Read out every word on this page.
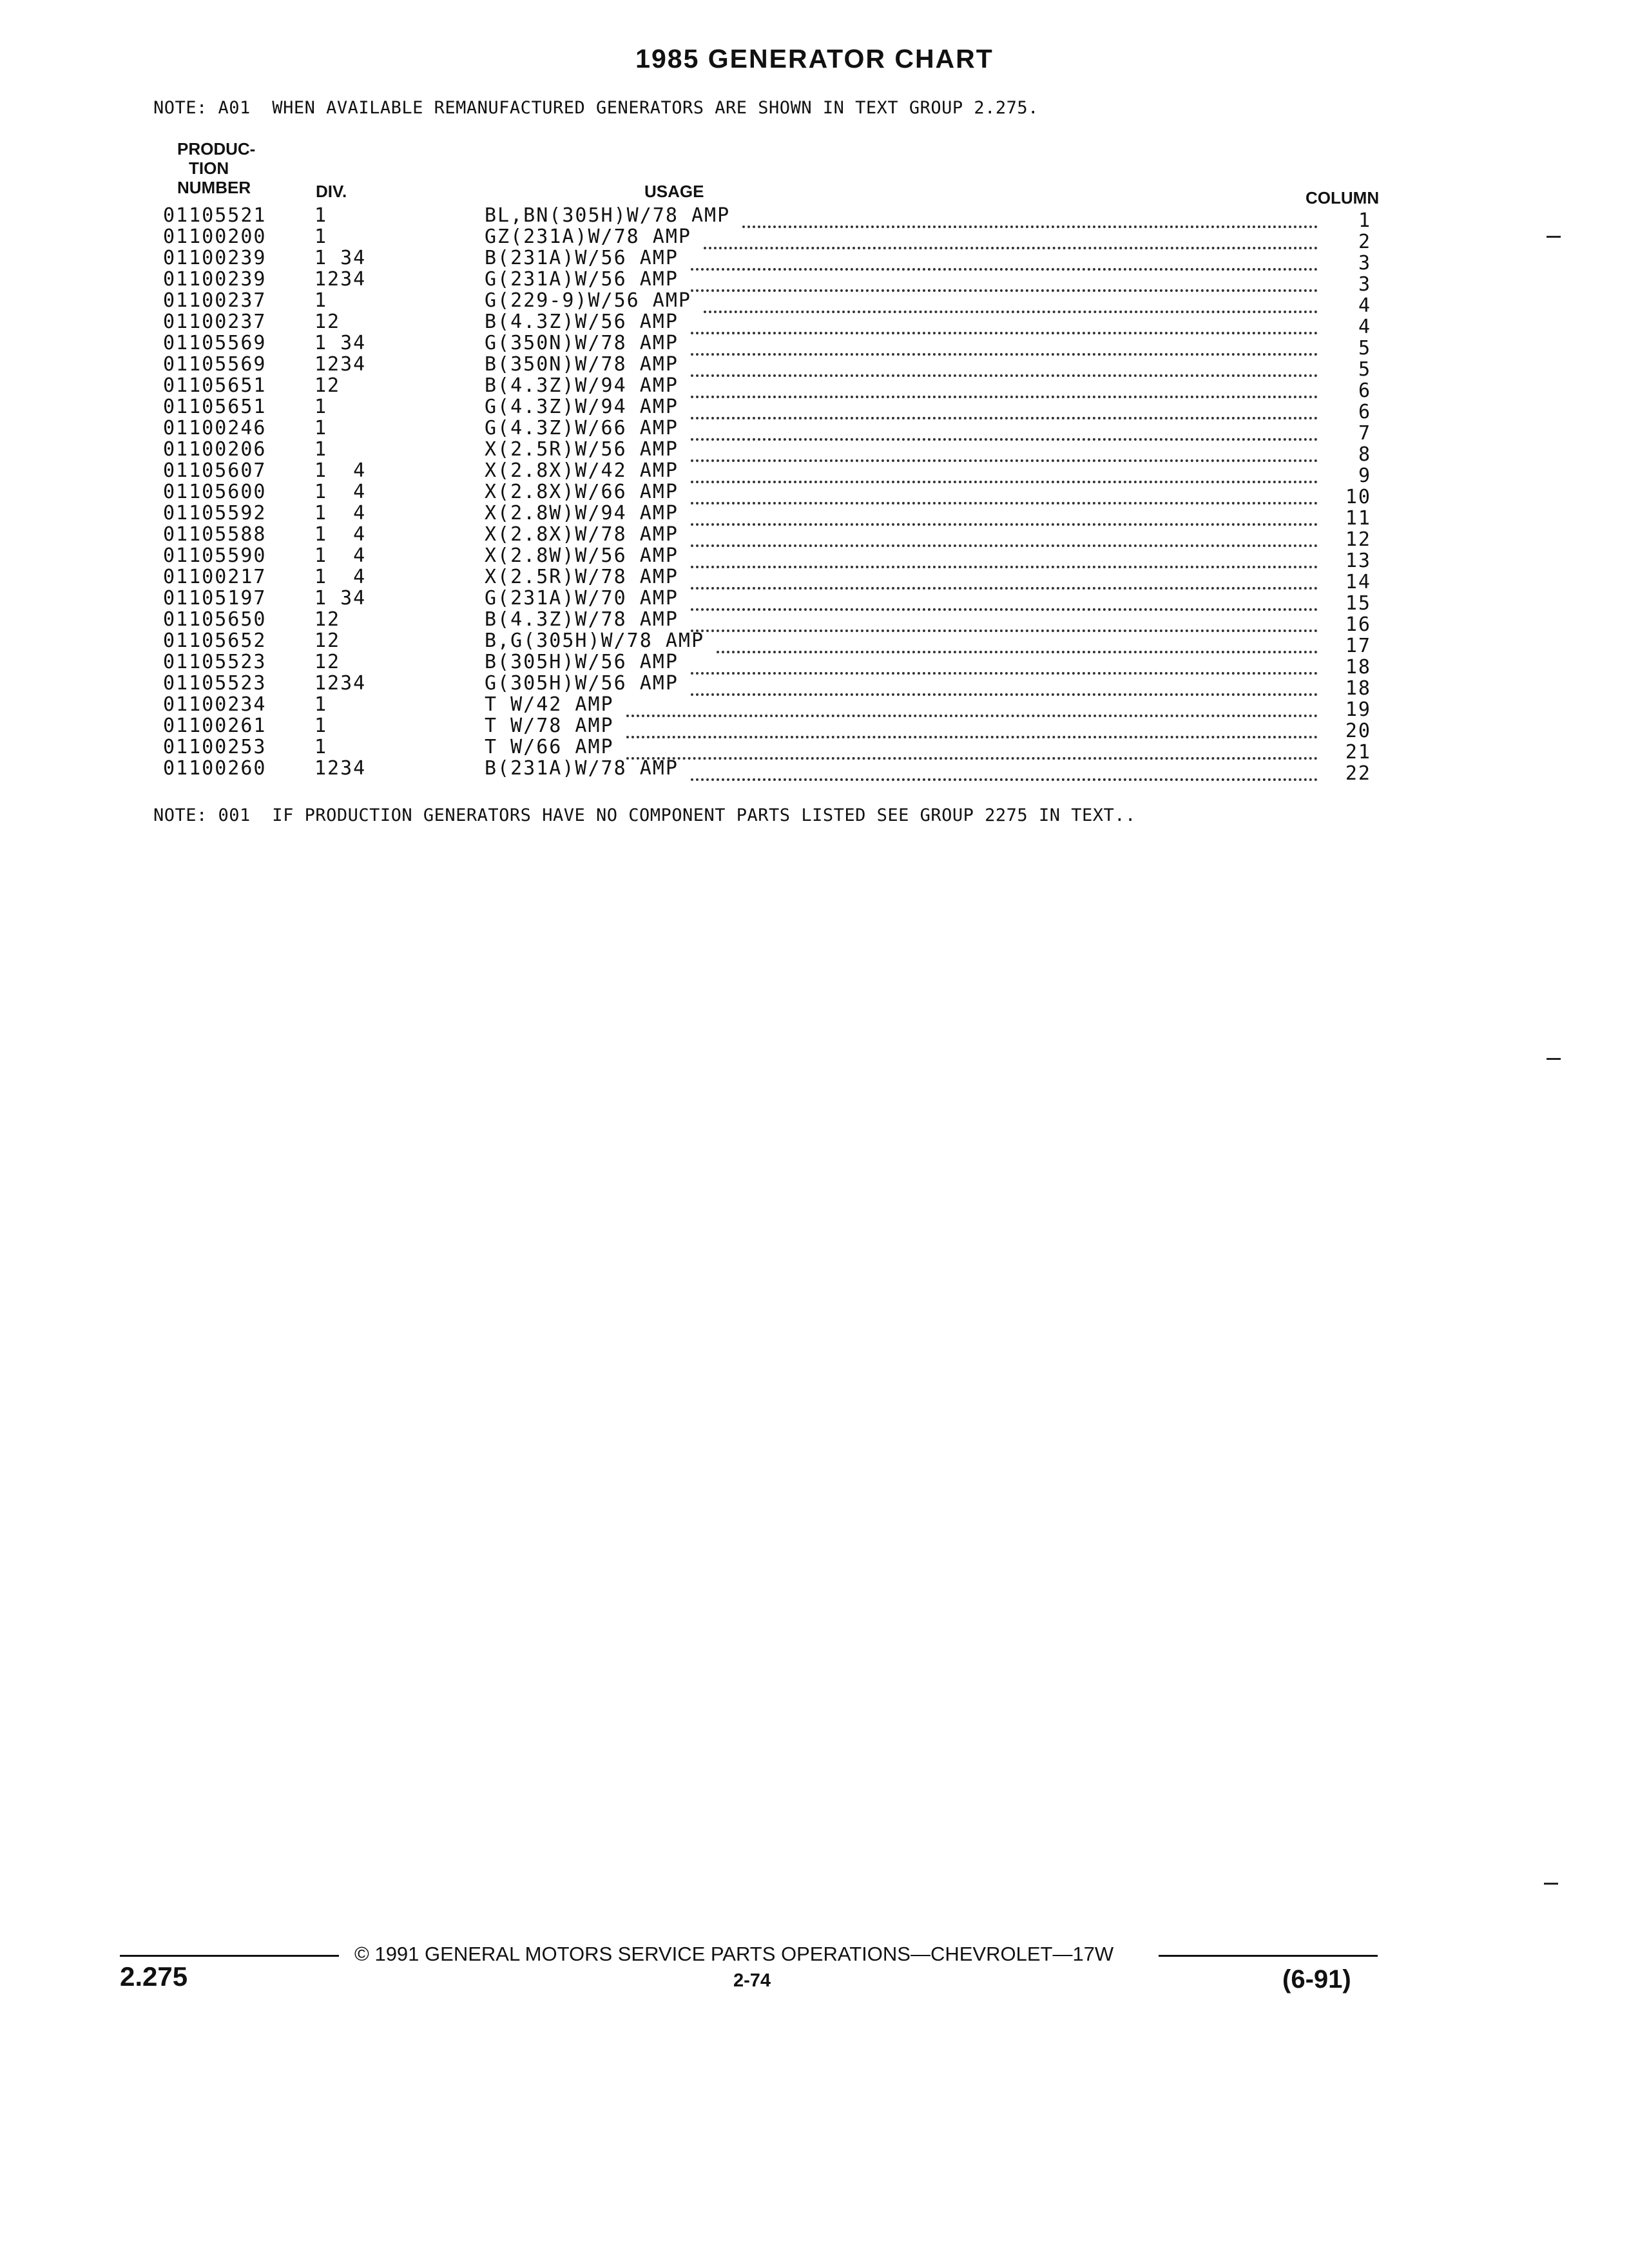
1985 GENERATOR CHART
NOTE: A01  WHEN AVAILABLE REMANUFACTURED GENERATORS ARE SHOWN IN TEXT GROUP 2.275.
PRODUC-
TION
NUMBER	DIV.	USAGE	COLUMN
01105521 1	BL,BN(305H)W/78 AMP	1
01100200 1	GZ(231A)W/78 AMP	2
01100239 1 34	B(231A)W/56 AMP	3
01100239 1234	G(231A)W/56 AMP	3
01100237 1	G(229-9)W/56 AMP	4
01100237 12	B(4.3Z)W/56 AMP	4
01105569 1 34	G(350N)W/78 AMP	5
01105569 1234	B(350N)W/78 AMP	5
01105651 12	B(4.3Z)W/94 AMP	6
01105651 1	G(4.3Z)W/94 AMP	6
01100246 1	G(4.3Z)W/66 AMP	7
01100206 1	X(2.5R)W/56 AMP	8
01105607 1  4	X(2.8X)W/42 AMP	9
01105600 1  4	X(2.8X)W/66 AMP	10
01105592 1  4	X(2.8W)W/94 AMP	11
01105588 1  4	X(2.8X)W/78 AMP	12
01105590 1  4	X(2.8W)W/56 AMP	13
01100217 1  4	X(2.5R)W/78 AMP	14
01105197 1 34	G(231A)W/70 AMP	15
01105650 12	B(4.3Z)W/78 AMP	16
01105652 12	B,G(305H)W/78 AMP	17
01105523 12	B(305H)W/56 AMP	18
01105523 1234	G(305H)W/56 AMP	18
01100234 1	T W/42 AMP	19
01100261 1	T W/78 AMP	20
01100253 1	T W/66 AMP	21
01100260 1234	B(231A)W/78 AMP	22
NOTE: 001  IF PRODUCTION GENERATORS HAVE NO COMPONENT PARTS LISTED SEE GROUP 2275 IN TEXT..
© 1991 GENERAL MOTORS SERVICE PARTS OPERATIONS—CHEVROLET—17W
2.275	2-74	(6-91)
